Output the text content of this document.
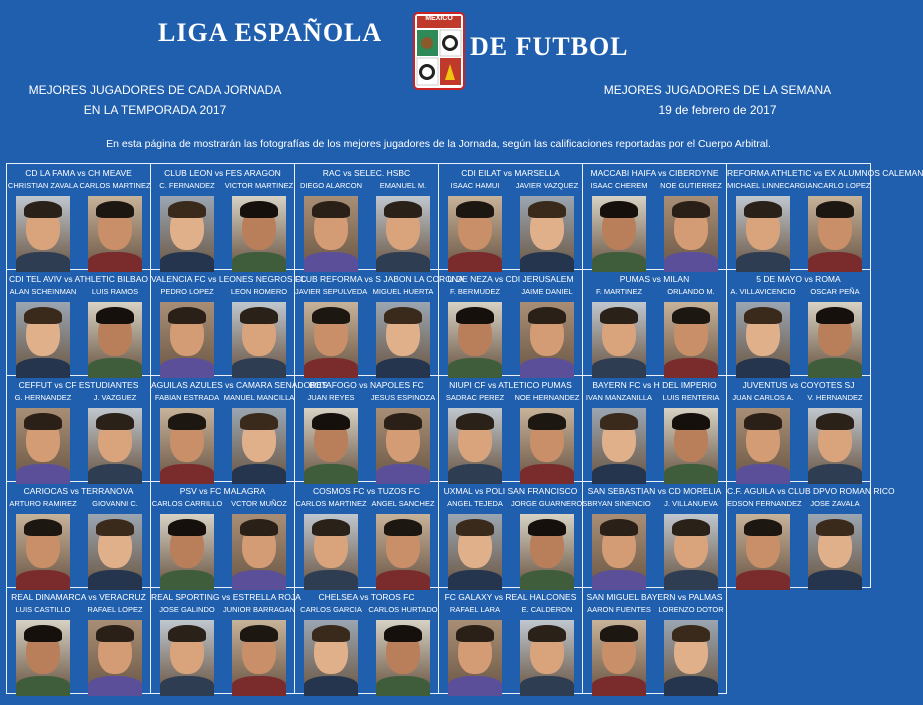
LIGA ESPAÑOLA	MEXICO
DE FUTBOL
MEJORES JUGADORES DE CADA JORNADA
EN LA TEMPORADA 2017
MEJORES JUGADORES DE LA SEMANA
19 de febrero de 2017
En esta página de mostrarán las fotografías de los mejores jugadores de la Jornada, según las calificaciones reportadas por el Cuerpo Arbitral.
CD LA FAMA vs CH MEAVE
CHRISTIAN ZAVALA CARLOS MARTINEZ
CLUB LEON vs FES ARAGON
C. FERNANDEZ	VICTOR MARTINEZ
RAC vs SELEC. HSBC
DIEGO ALARCON	EMANUEL M.
CDI EILAT vs MARSELLA
ISAAC HAMUI	JAVIER VAZQUEZ
MACCABI HAIFA vs CIBERDYNE
ISAAC CHEREM	NOE GUTIERREZ
REFORMA ATHLETIC vs EX ALUMNOS CALEMAN
MICHAEL LINNECAR GIANCARLO LOPEZ
CDI TEL AVIV vs ATHLETIC BILBAO
ALAN SCHEINMAN	LUIS RAMOS
VALENCIA FC vs LEONES NEGROS FC
PEDRO LOPEZ	LEON ROMERO
CLUB REFORMA vs S JABON LA CORONA
JAVIER SEPULVEDA MIGUEL HUERTA
U DE NEZA vs CDI JERUSALEM
F. BERMUDEZ	JAIME DANIEL
PUMAS vs MILAN
F. MARTINEZ	ORLANDO M.
5 DE MAYO vs ROMA
A. VILLAVICENCIO	OSCAR PEÑA
CEFFUT vs CF ESTUDIANTES
G. HERNANDEZ	J. VAZGUEZ
AGUILAS AZULES vs CAMARA SENADORES
FABIAN ESTRADA MANUEL MANCILLA
BOTAFOGO vs NAPOLES FC
JUAN REYES	JESUS ESPINOZA
NIUPI CF vs ATLETICO PUMAS
SADRAC PEREZ	NOE HERNANDEZ
BAYERN FC vs H DEL IMPERIO
IVAN MANZANILLA	LUIS RENTERIA
JUVENTUS vs COYOTES SJ
JUAN CARLOS A.	V. HERNANDEZ
CARIOCAS vs TERRANOVA
ARTURO RAMIREZ	GIOVANNI C.
PSV vs FC MALAGRA
CARLOS CARRILLO	VCTOR MUÑOZ
COSMOS FC vs TUZOS FC
CARLOS MARTINEZ ANGEL SANCHEZ
UXMAL vs POLI SAN FRANCISCO
ANGEL TEJEDA	JORGE GUARNEROS
SAN SEBASTIAN vs CD MORELIA
BRYAN SINENCIO	J. VILLANUEVA
C.F. AGUILA vs CLUB DPVO ROMAN RICO
EDSON FERNANDEZ	JOSE ZAVALA
REAL DINAMARCA vs VERACRUZ
LUIS CASTILLO	RAFAEL LOPEZ
REAL SPORTING vs ESTRELLA ROJA
JOSE GALINDO	JUNIOR BARRAGAN
CHELSEA vs TOROS FC
CARLOS GARCIA CARLOS HURTADO
FC GALAXY vs REAL HALCONES
RAFAEL LARA	E. CALDERON
SAN MIGUEL BAYERN vs PALMAS
AARON FUENTES LORENZO DOTOR
